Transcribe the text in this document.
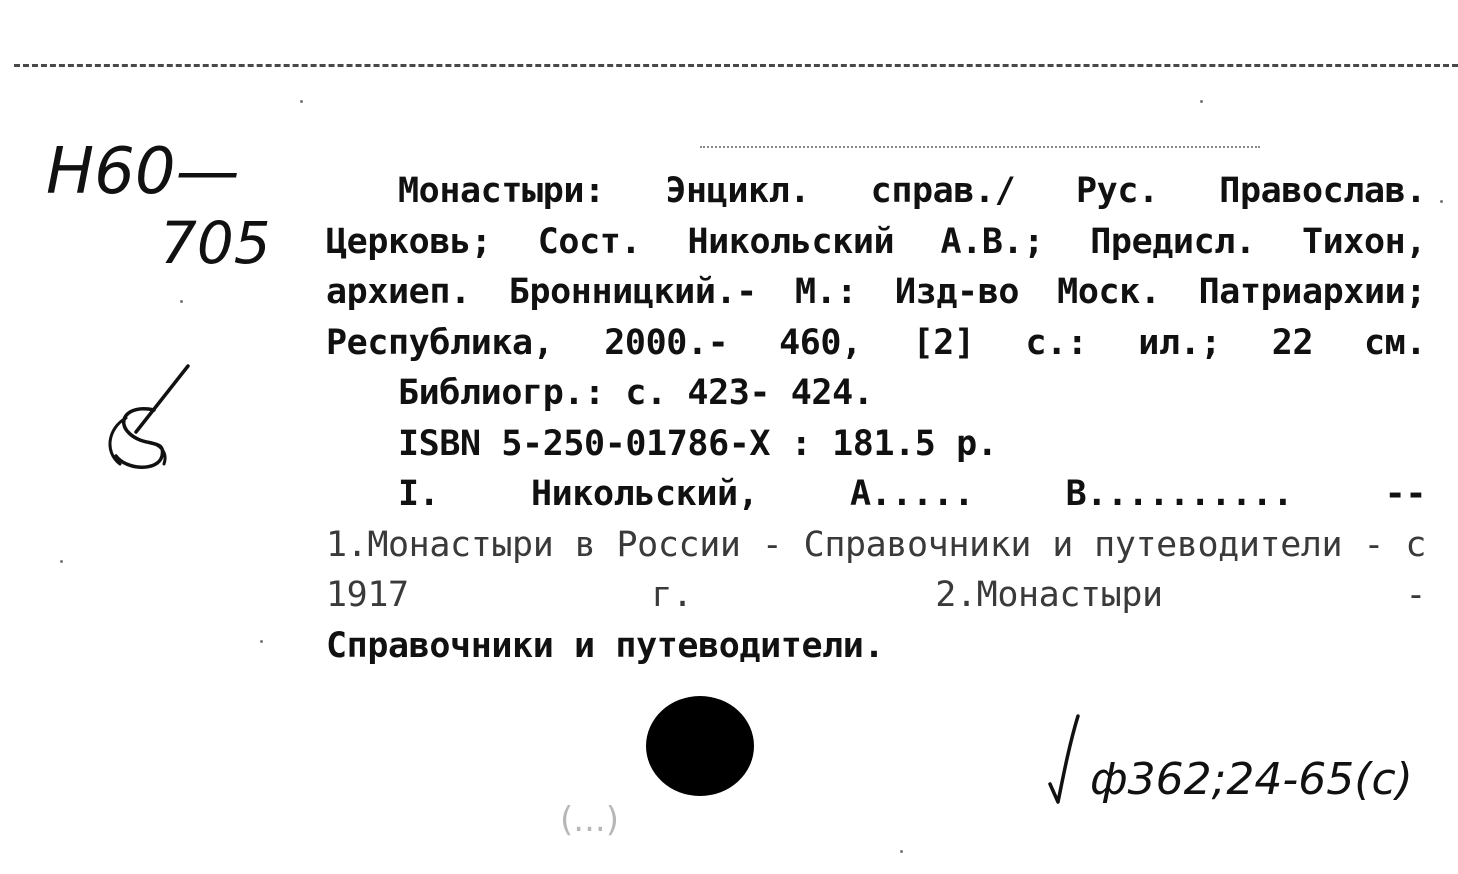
Н60—
705

Монастыри: Энцикл. справ./ Рус. Православ. Церковь; Сост. Никольский А.В.; Предисл. Тихон, архиеп. Бронницкий.- М.: Изд-во Моск. Патриархии; Республика, 2000.- 460, [2] с.: ил.; 22 см.

Библиогр.: с. 423- 424.

ISBN 5-250-01786-X : 181.5 р.

I. Никольский, А..... В.......... --

1.Монастыри в России - Справочники и путеводители - с 1917 г. 2.Монастыри -

Справочники и путеводители.

(...)
ф362;24-65(с)
